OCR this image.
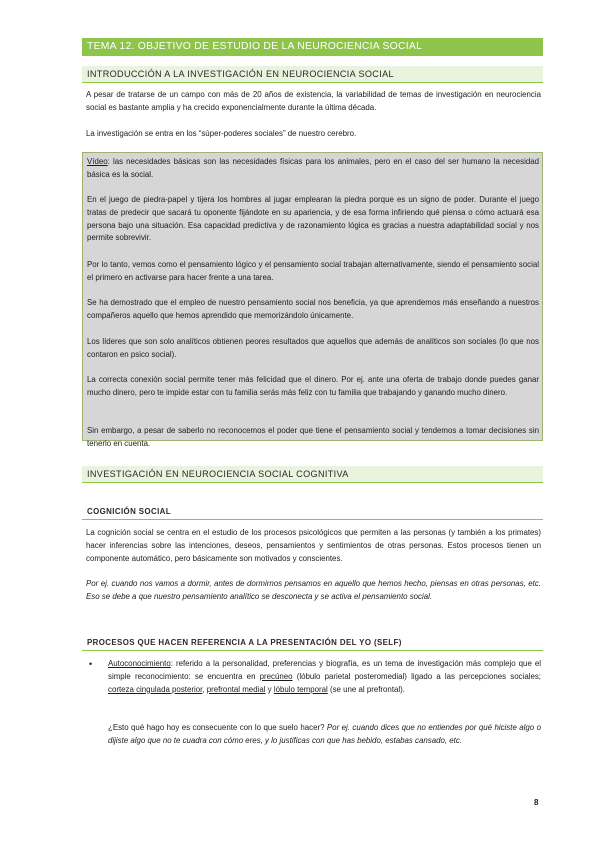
TEMA 12. OBJETIVO DE ESTUDIO DE LA NEUROCIENCIA SOCIAL
INTRODUCCIÓN A LA INVESTIGACIÓN EN NEUROCIENCIA SOCIAL

A pesar de tratarse de un campo con más de 20 años de existencia, la variabilidad de temas de investigación en neurociencia social es bastante amplia y ha crecido exponencialmente durante la última década.

La investigación se entra en los “súper-poderes sociales” de nuestro cerebro.

Vídeo: las necesidades básicas son las necesidades físicas para los animales, pero en el caso del ser humano la necesidad básica es la social.

En el juego de piedra-papel y tijera los hombres al jugar emplearan la piedra porque es un signo de poder. Durante el juego tratas de predecir que sacará tu oponente fijándote en su apariencia, y de esa forma infiriendo qué piensa o cómo actuará esa persona bajo una situación. Esa capacidad predictiva y de razonamiento lógica es gracias a nuestra adaptabilidad social y nos permite sobrevivir.

Por lo tanto, vemos como el pensamiento lógico y el pensamiento social trabajan alternativamente, siendo el pensamiento social el primero en activarse para hacer frente a una tarea.

Se ha demostrado que el empleo de nuestro pensamiento social nos beneficia, ya que aprendemos más enseñando a nuestros compañeros aquello que hemos aprendido que memorizándolo únicamente.

Los líderes que son solo analíticos obtienen peores resultados que aquellos que además de analíticos son sociales (lo que nos contaron en psico social).

La correcta conexión social permite tener más felicidad que el dinero. Por ej. ante una oferta de trabajo donde puedes ganar mucho dinero, pero te impide estar con tu familia serás más feliz con tu familia que trabajando y ganando mucho dinero.

Sin embargo, a pesar de saberlo no reconocemos el poder que tiene el pensamiento social y tendemos a tomar decisiones sin tenerlo en cuenta.

INVESTIGACIÓN EN NEUROCIENCIA SOCIAL COGNITIVA
COGNICIÓN SOCIAL

La cognición social se centra en el estudio de los procesos psicológicos que permiten a las personas (y también a los primates) hacer inferencias sobre las intenciones, deseos, pensamientos y sentimientos de otras personas. Estos procesos tienen un componente automático, pero básicamente son motivados y conscientes.

Por ej. cuando nos vamos a dormir, antes de dormirnos pensamos en aquello que hemos hecho, piensas en otras personas, etc. Eso se debe a que nuestro pensamiento analítico se desconecta y se activa el pensamiento social.

PROCESOS QUE HACEN REFERENCIA A LA PRESENTACIÓN DEL YO (SELF)
• Autoconocimiento: referido a la personalidad, preferencias y biografía, es un tema de investigación más complejo que el simple reconocimiento: se encuentra en precúneo (lóbulo parietal posteromedial) ligado a las percepciones sociales; corteza cingulada posterior, prefrontal medial y lóbulo temporal (se une al prefrontal).

¿Esto qué hago hoy es consecuente con lo que suelo hacer? Por ej. cuando dices que no entiendes por qué hiciste algo o dijiste algo que no te cuadra con cómo eres, y lo justificas con que has bebido, estabas cansado, etc.

8
